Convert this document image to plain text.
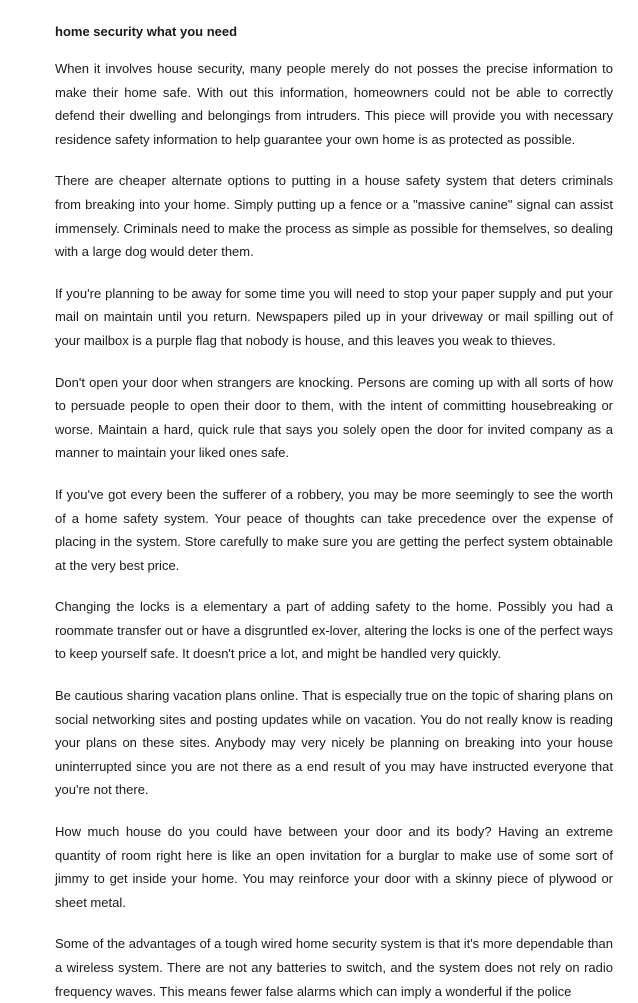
home security what you need

When it involves house security, many people merely do not posses the precise information to make their home safe. With out this information, homeowners could not be able to correctly defend their dwelling and belongings from intruders. This piece will provide you with necessary residence safety information to help guarantee your own home is as protected as possible.

There are cheaper alternate options to putting in a house safety system that deters criminals from breaking into your home. Simply putting up a fence or a "massive canine" signal can assist immensely. Criminals need to make the process as simple as possible for themselves, so dealing with a large dog would deter them.

If you're planning to be away for some time you will need to stop your paper supply and put your mail on maintain until you return. Newspapers piled up in your driveway or mail spilling out of your mailbox is a purple flag that nobody is house, and this leaves you weak to thieves.

Don't open your door when strangers are knocking. Persons are coming up with all sorts of how to persuade people to open their door to them, with the intent of committing housebreaking or worse. Maintain a hard, quick rule that says you solely open the door for invited company as a manner to maintain your liked ones safe.

If you've got every been the sufferer of a robbery, you may be more seemingly to see the worth of a home safety system. Your peace of thoughts can take precedence over the expense of placing in the system. Store carefully to make sure you are getting the perfect system obtainable at the very best price.

Changing the locks is a elementary a part of adding safety to the home. Possibly you had a roommate transfer out or have a disgruntled ex-lover, altering the locks is one of the perfect ways to keep yourself safe. It doesn't price a lot, and might be handled very quickly.

Be cautious sharing vacation plans online. That is especially true on the topic of sharing plans on social networking sites and posting updates while on vacation. You do not really know is reading your plans on these sites. Anybody may very nicely be planning on breaking into your house uninterrupted since you are not there as a end result of you may have instructed everyone that you're not there.

How much house do you could have between your door and its body? Having an extreme quantity of room right here is like an open invitation for a burglar to make use of some sort of jimmy to get inside your home. You may reinforce your door with a skinny piece of plywood or sheet metal.

Some of the advantages of a tough wired home security system is that it's more dependable than a wireless system. There are not any batteries to switch, and the system does not rely on radio frequency waves. This means fewer false alarms which can imply a wonderful if the police
